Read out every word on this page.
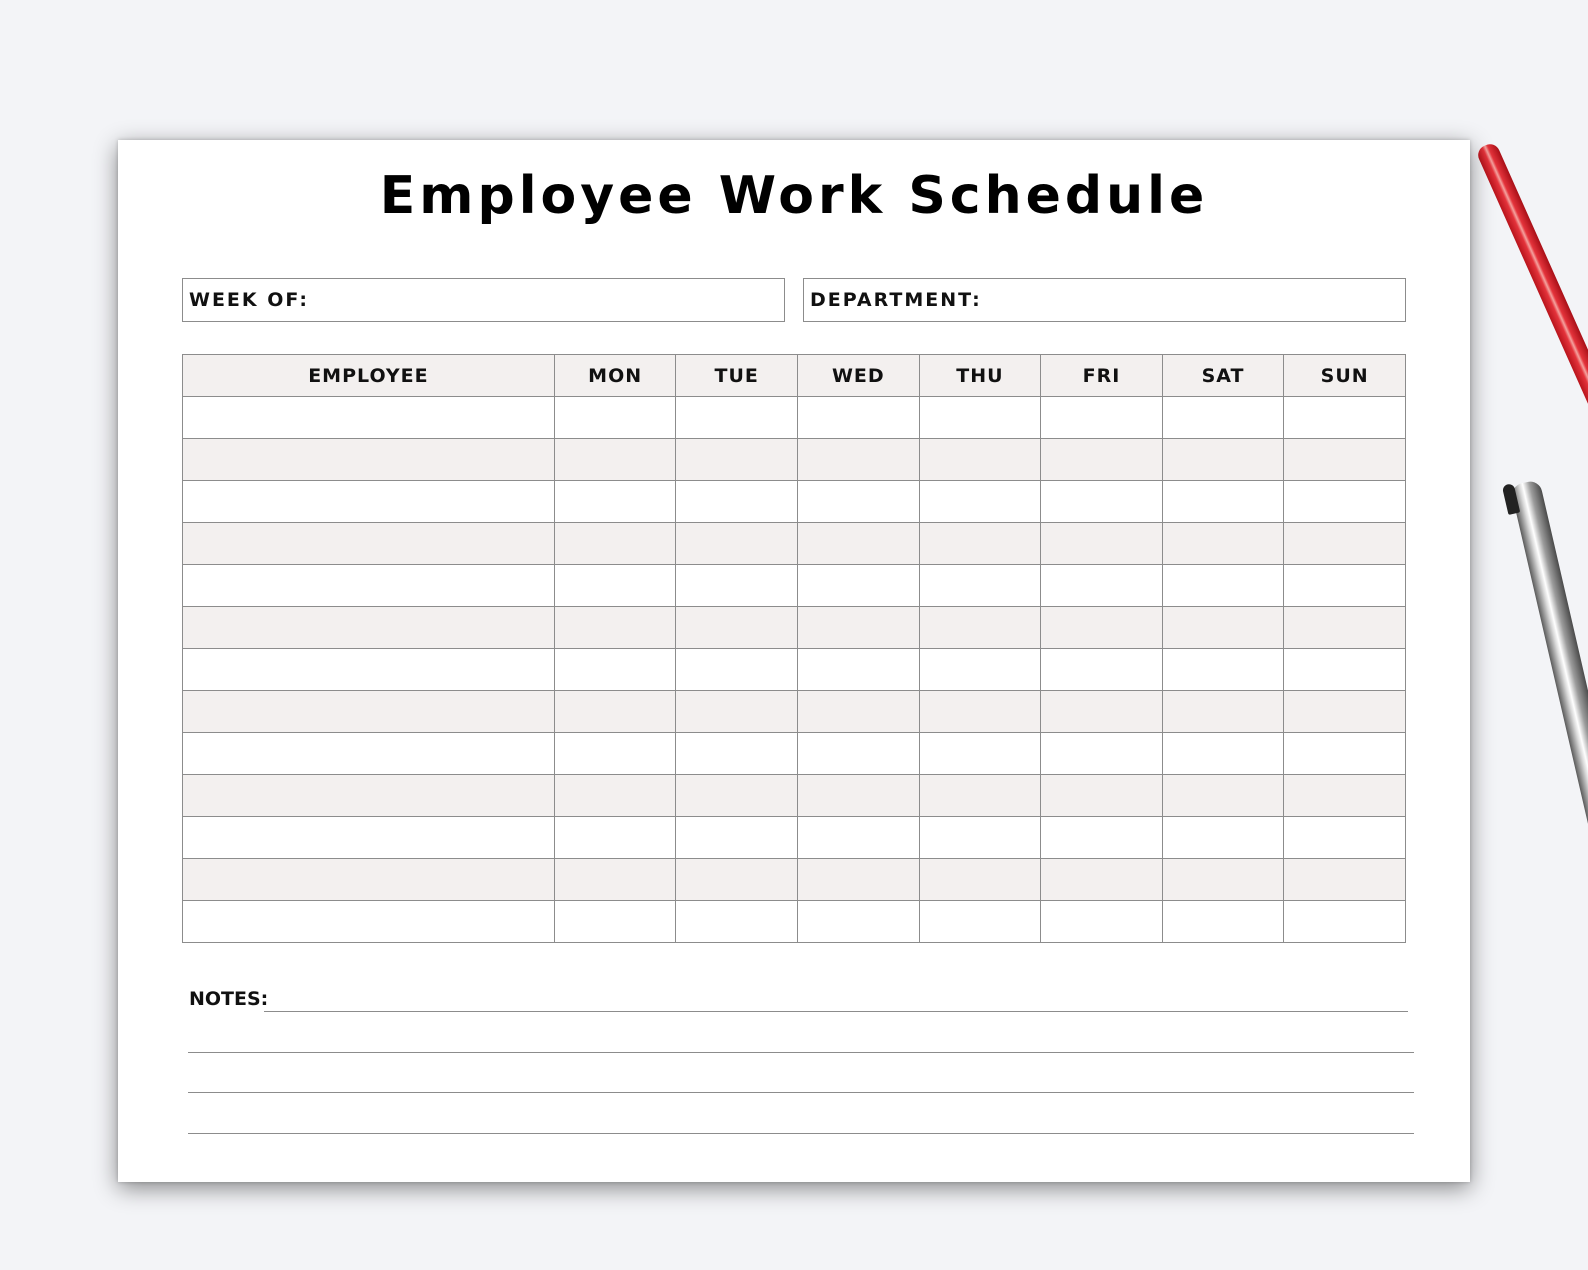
Employee Work Schedule
WEEK OF:	DEPARTMENT:
EMPLOYEE	MON	TUE	WED	THU	FRI	SAT	SUN

NOTES:
